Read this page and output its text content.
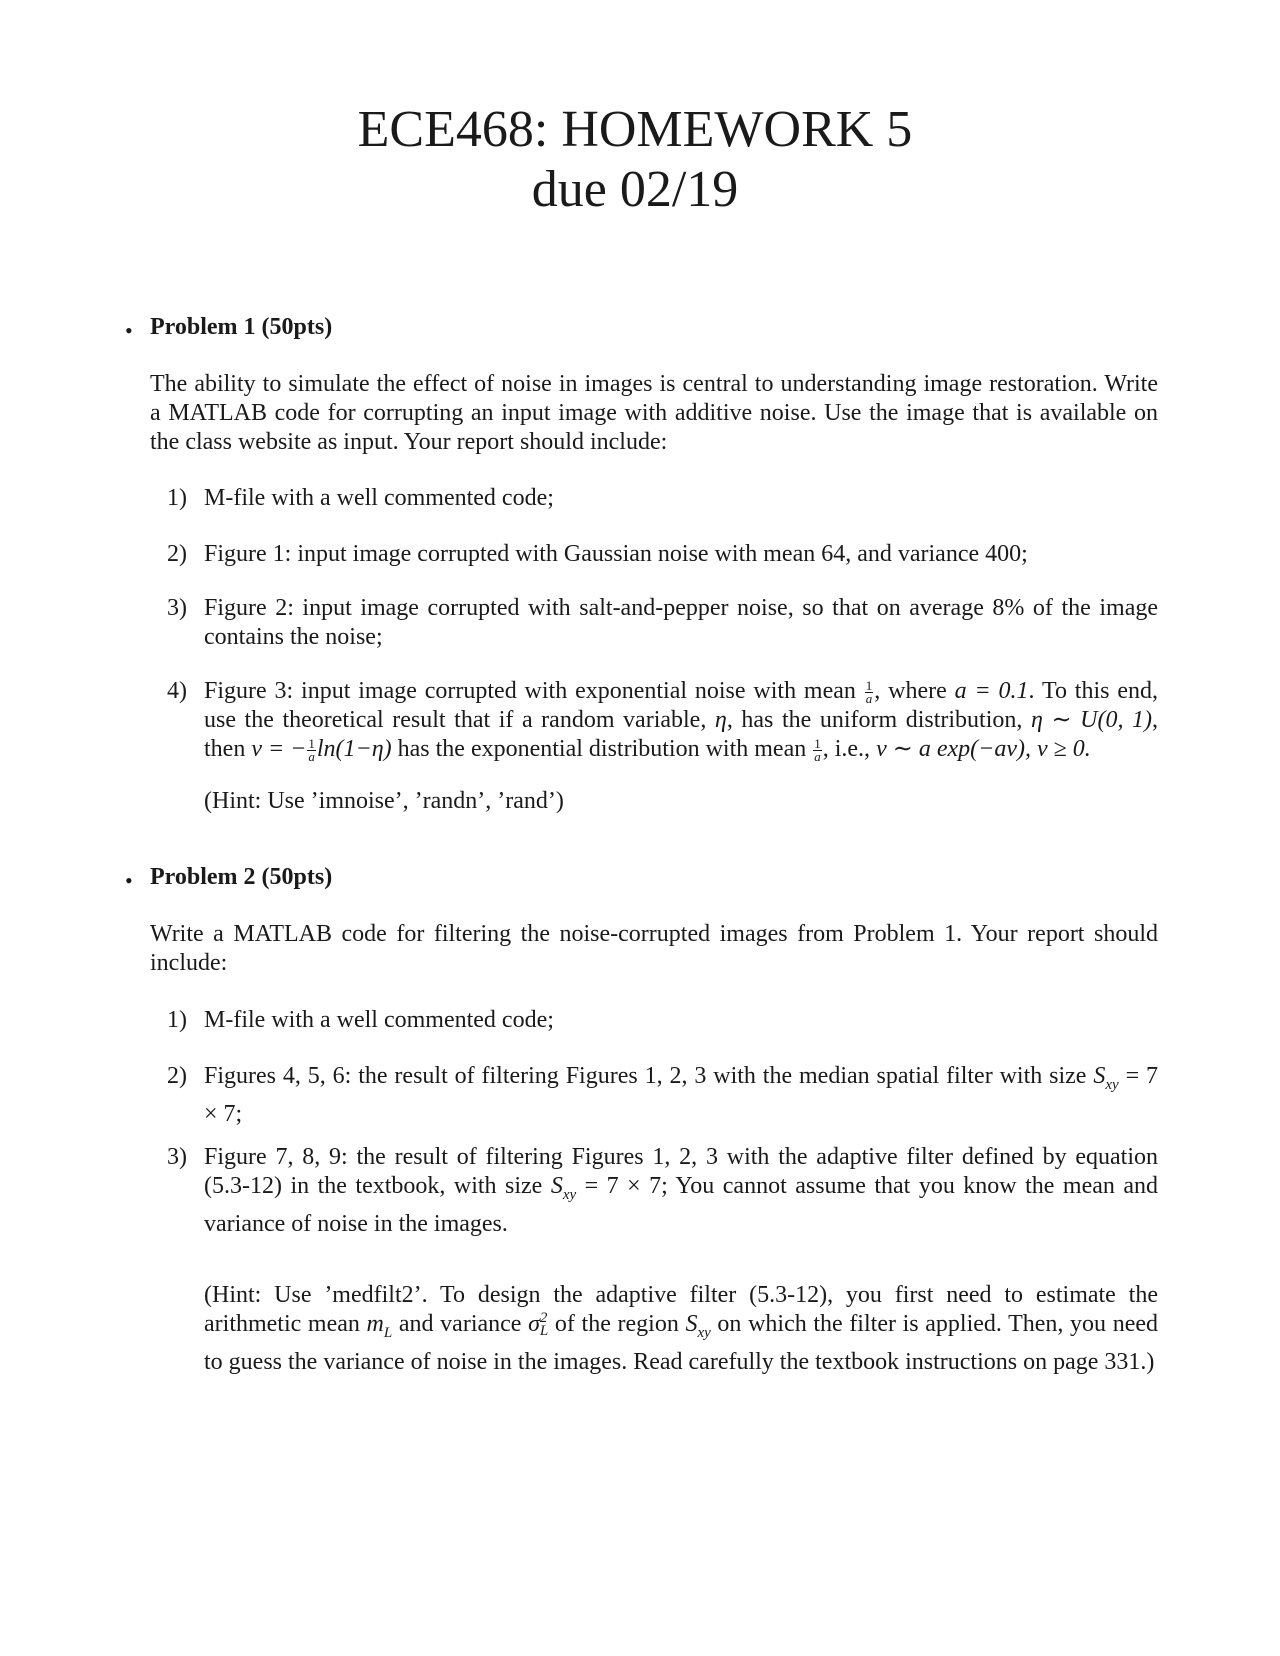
ECE468: HOMEWORK 5
due 02/19
• Problem 1 (50pts)
The ability to simulate the effect of noise in images is central to understanding image restoration. Write a MATLAB code for corrupting an input image with additive noise. Use the image that is available on the class website as input. Your report should include:
1) M-file with a well commented code;
2) Figure 1: input image corrupted with Gaussian noise with mean 64, and variance 400;
3) Figure 2: input image corrupted with salt-and-pepper noise, so that on average 8% of the image contains the noise;
4) Figure 3: input image corrupted with exponential noise with mean $\frac{1}{a}$ , where a = 0.1. To this end, use the theoretical result that if a random variable, η, has the uniform distribution, η ∼ U(0, 1), then ν = − $\frac{1}{a} \ln(1-\eta)$ has the exponential distribution with mean $\frac{1}{a}$ , i.e., ν ∼ a exp(−aν), ν ≥ 0.
(Hint: Use ’imnoise’, ’randn’, ’rand’)
• Problem 2 (50pts)
Write a MATLAB code for filtering the noise-corrupted images from Problem 1. Your report should include:
1) M-file with a well commented code;
2) Figures 4, 5, 6: the result of filtering Figures 1, 2, 3 with the median spatial filter with size $S_{xy} = 7 \times 7$;
3) Figure 7, 8, 9: the result of filtering Figures 1, 2, 3 with the adaptive filter defined by equation (5.3-12) in the textbook, with size $S_{xy} = 7 \times 7$; You cannot assume that you know the mean and variance of noise in the images.
(Hint: Use ’medfilt2’. To design the adaptive filter (5.3-12), you first need to estimate the arithmetic mean $m_L$ and variance σ 2
L of the region $S_{xy}$ on which the filter is applied. Then, you need to guess the variance of noise in the images. Read carefully the textbook instructions on page 331.)
